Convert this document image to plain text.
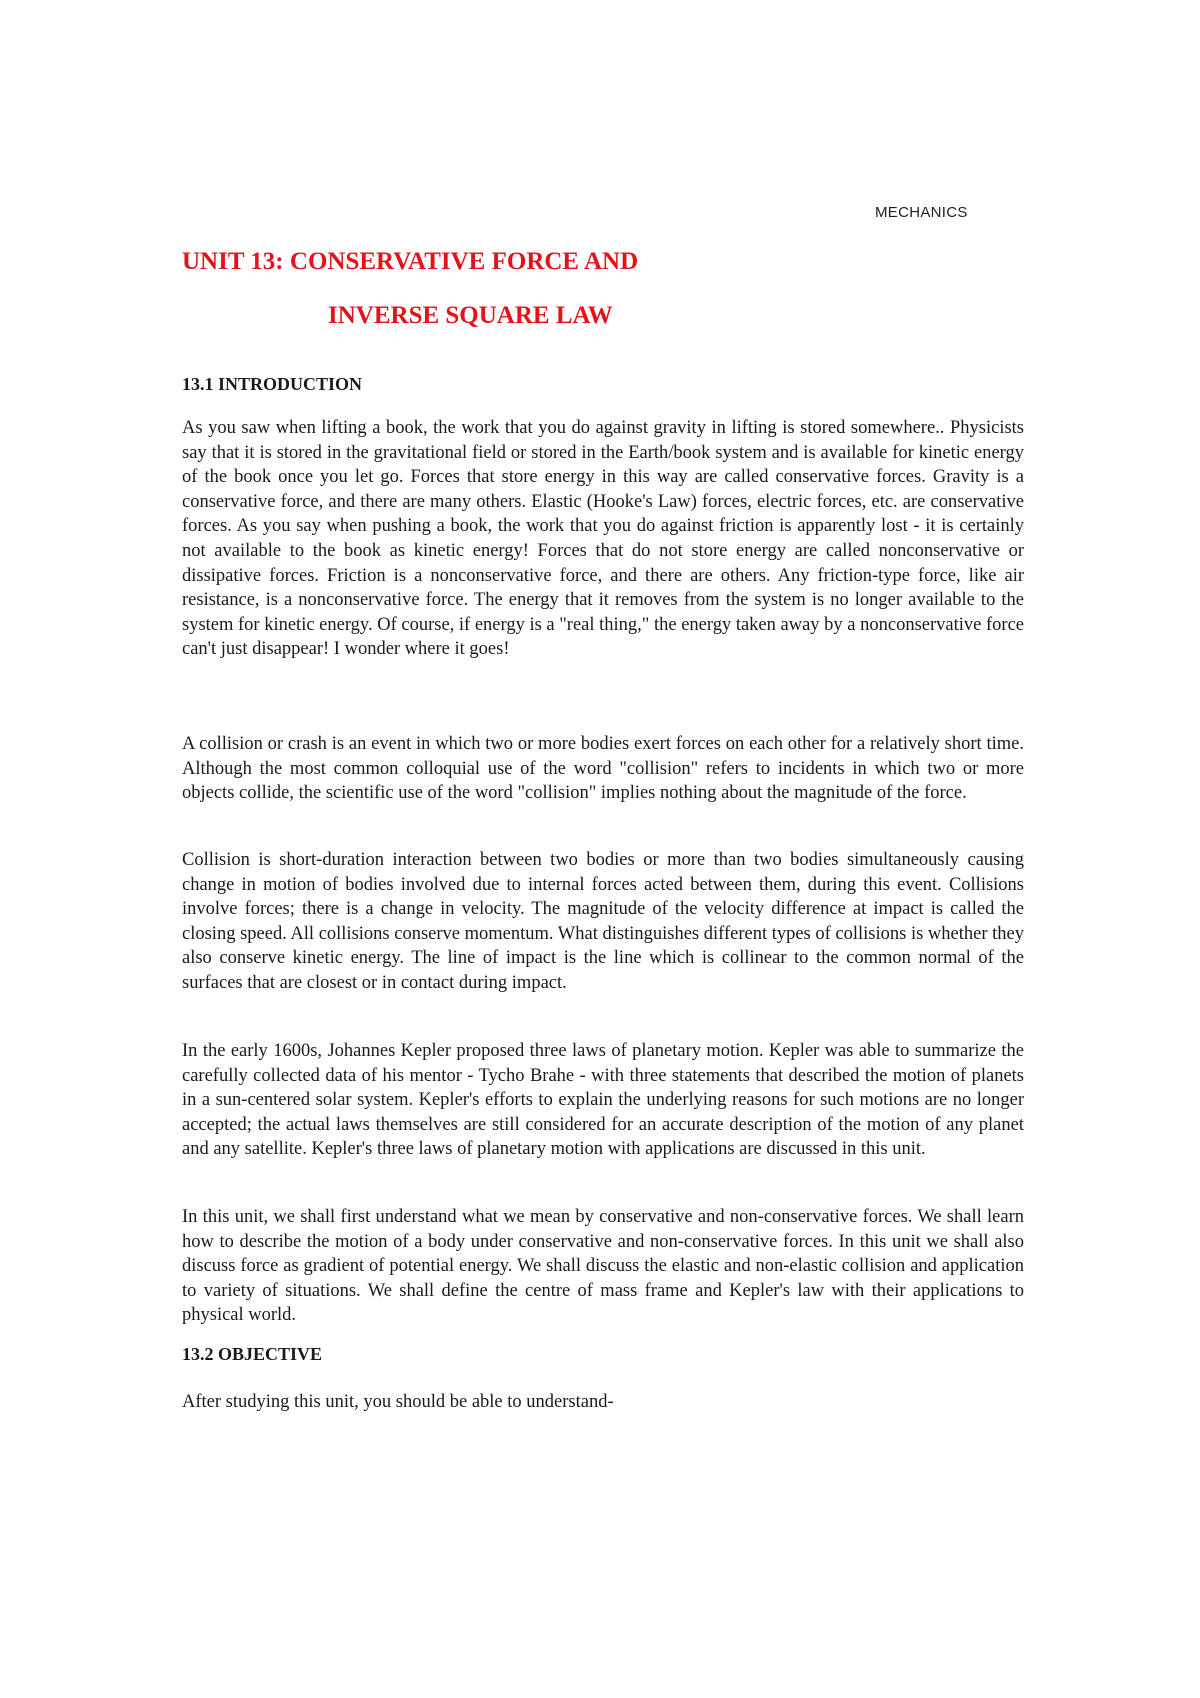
MECHANICS
UNIT 13: CONSERVATIVE FORCE AND
INVERSE SQUARE LAW
13.1 INTRODUCTION

As you saw when lifting a book, the work that you do against gravity in lifting is stored somewhere.. Physicists say that it is stored in the gravitational field or stored in the Earth/book system and is available for kinetic energy of the book once you let go. Forces that store energy in this way are called conservative forces. Gravity is a conservative force, and there are many others. Elastic (Hooke's Law) forces, electric forces, etc. are conservative forces. As you say when pushing a book, the work that you do against friction is apparently lost - it is certainly not available to the book as kinetic energy! Forces that do not store energy are called nonconservative or dissipative forces. Friction is a nonconservative force, and there are others. Any friction-type force, like air resistance, is a nonconservative force. The energy that it removes from the system is no longer available to the system for kinetic energy. Of course, if energy is a "real thing," the energy taken away by a nonconservative force can't just disappear! I wonder where it goes!

A collision or crash is an event in which two or more bodies exert forces on each other for a relatively short time. Although the most common colloquial use of the word "collision" refers to incidents in which two or more objects collide, the scientific use of the word "collision" implies nothing about the magnitude of the force.

Collision is short-duration interaction between two bodies or more than two bodies simultaneously causing change in motion of bodies involved due to internal forces acted between them, during this event. Collisions involve forces; there is a change in velocity. The magnitude of the velocity difference at impact is called the closing speed. All collisions conserve momentum. What distinguishes different types of collisions is whether they also conserve kinetic energy. The line of impact is the line which is collinear to the common normal of the surfaces that are closest or in contact during impact.

In the early 1600s, Johannes Kepler proposed three laws of planetary motion. Kepler was able to summarize the carefully collected data of his mentor - Tycho Brahe - with three statements that described the motion of planets in a sun-centered solar system. Kepler's efforts to explain the underlying reasons for such motions are no longer accepted; the actual laws themselves are still considered for an accurate description of the motion of any planet and any satellite. Kepler's three laws of planetary motion with applications are discussed in this unit.

In this unit, we shall first understand what we mean by conservative and non-conservative forces. We shall learn how to describe the motion of a body under conservative and non-conservative forces. In this unit we shall also discuss force as gradient of potential energy. We shall discuss the elastic and non-elastic collision and application to variety of situations. We shall define the centre of mass frame and Kepler's law with their applications to physical world.

13.2 OBJECTIVE

After studying this unit, you should be able to understand-
